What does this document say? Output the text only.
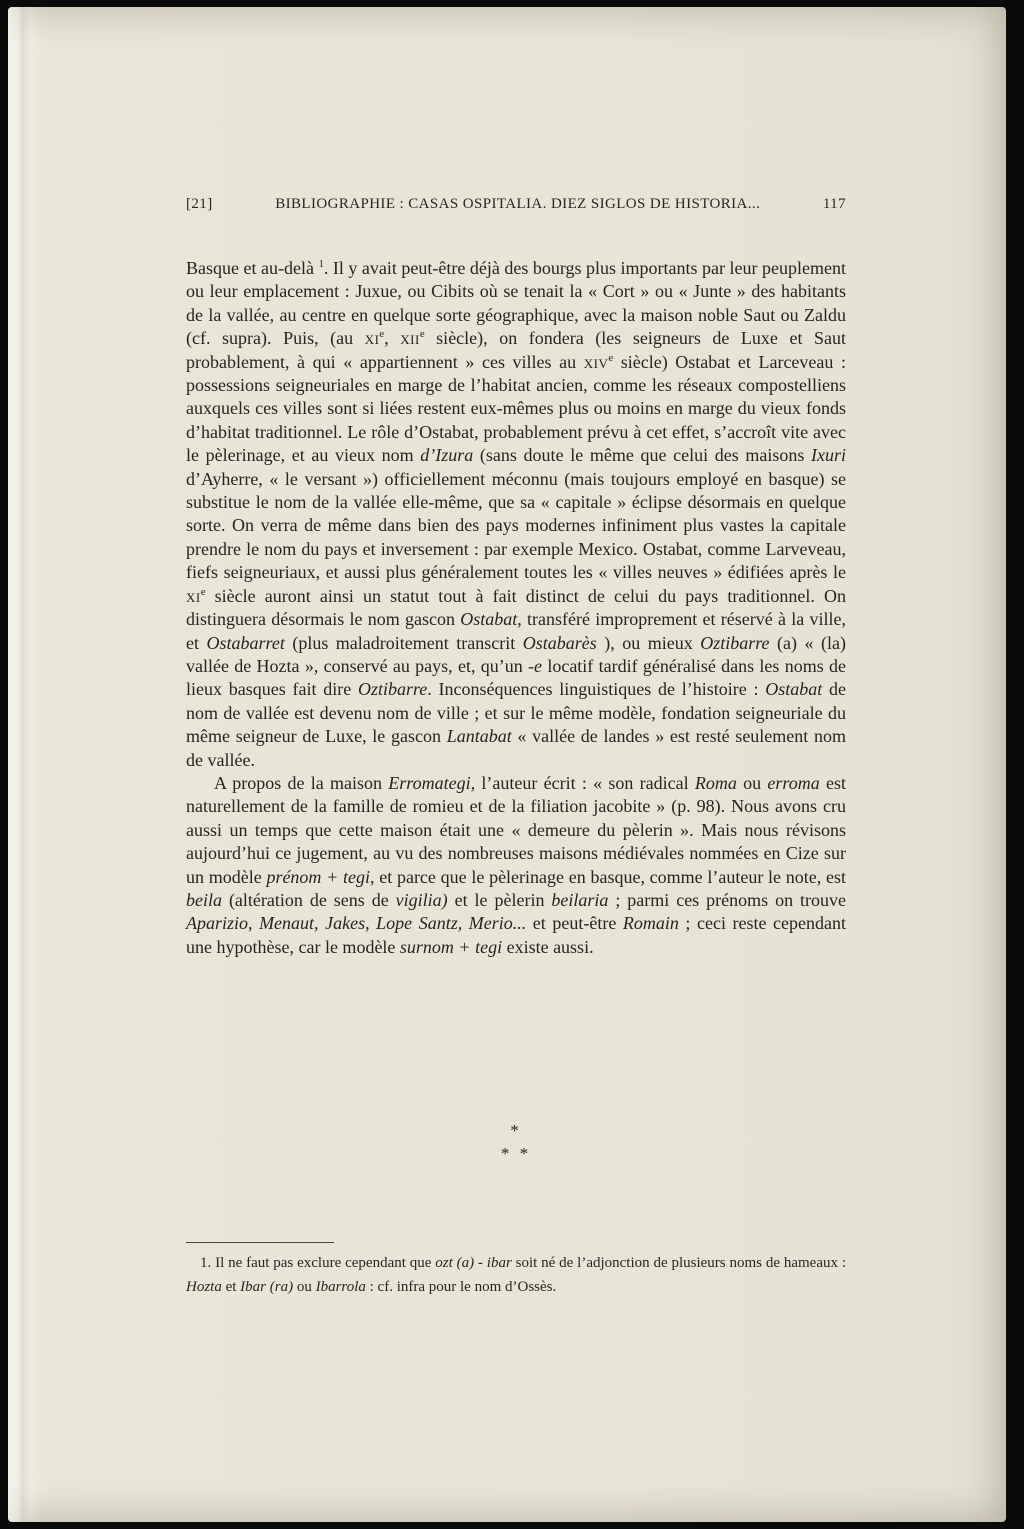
[21]	BIBLIOGRAPHIE : CASAS OSPITALIA. DIEZ SIGLOS DE HISTORIA...	117

Basque et au-delà $^1$. Il y avait peut-être déjà des bourgs plus importants par leur peuplement ou leur emplacement : Juxue, ou Cibits où se tenait la « Cort » ou « Junte » des habitants de la vallée, au centre en quelque sorte géographique, avec la maison noble Saut ou Zaldu (cf. supra). Puis, (au $xi^e$, xii$^e$ siècle), on fondera (les seigneurs de Luxe et Saut probablement, à qui « appartiennent » ces villes au xiv$^e$ siècle) Ostabat et Larceveau : possessions seigneuriales en marge de l’habitat ancien, comme les réseaux compostelliens auxquels ces villes sont si liées restent eux-mêmes plus ou moins en marge du vieux fonds d’habitat traditionnel. Le rôle d’Ostabat, probablement prévu à cet effet, s’accroît vite avec le pèlerinage, et au vieux nom d’Izura (sans doute le même que celui des maisons Ixuri d’Ayherre, « le versant ») officiellement méconnu (mais toujours employé en basque) se substitue le nom de la vallée elle-même, que sa « capitale » éclipse désormais en quelque sorte. On verra de même dans bien des pays modernes infiniment plus vastes la capitale prendre le nom du pays et inversement : par exemple Mexico. Ostabat, comme Larveveau, fiefs seigneuriaux, et aussi plus généralement toutes les « villes neuves » édifiées après le $xi^e$ siècle auront ainsi un statut tout à fait distinct de celui du pays traditionnel. On distinguera désormais le nom gascon Ostabat, transféré improprement et réservé à la ville, et Ostabarret (plus maladroitement transcrit Ostabarès ), ou mieux Oztibarre (a) « (la) vallée de Hozta », conservé au pays, et, qu’un -e locatif tardif généralisé dans les noms de lieux basques fait dire Oztibarre. Inconséquences linguistiques de l’histoire : Ostabat de nom de vallée est devenu nom de ville ; et sur le même modèle, fondation seigneuriale du même seigneur de Luxe, le gascon Lantabat « vallée de landes » est resté seulement nom de vallée.

A propos de la maison Erromategi, l’auteur écrit : « son radical Roma ou erroma est naturellement de la famille de romieu et de la filiation jacobite » (p. 98). Nous avons cru aussi un temps que cette maison était une « demeure du pèlerin ». Mais nous révisons aujourd’hui ce jugement, au vu des nombreuses maisons médiévales nommées en Cize sur un modèle prénom + tegi, et parce que le pèlerinage en basque, comme l’auteur le note, est beila (altération de sens de vigilia) et le pèlerin beilaria ; parmi ces prénoms on trouve Aparizio, Menaut, Jakes, Lope Santz, Merio... et peut-être Romain ; ceci reste cependant une hypothèse, car le modèle surnom + tegi existe aussi.

*
* *

1. Il ne faut pas exclure cependant que ozt (a) - ibar soit né de l’adjonction de plusieurs noms de hameaux : Hozta et Ibar (ra) ou Ibarrola : cf. infra pour le nom d’Ossès.
